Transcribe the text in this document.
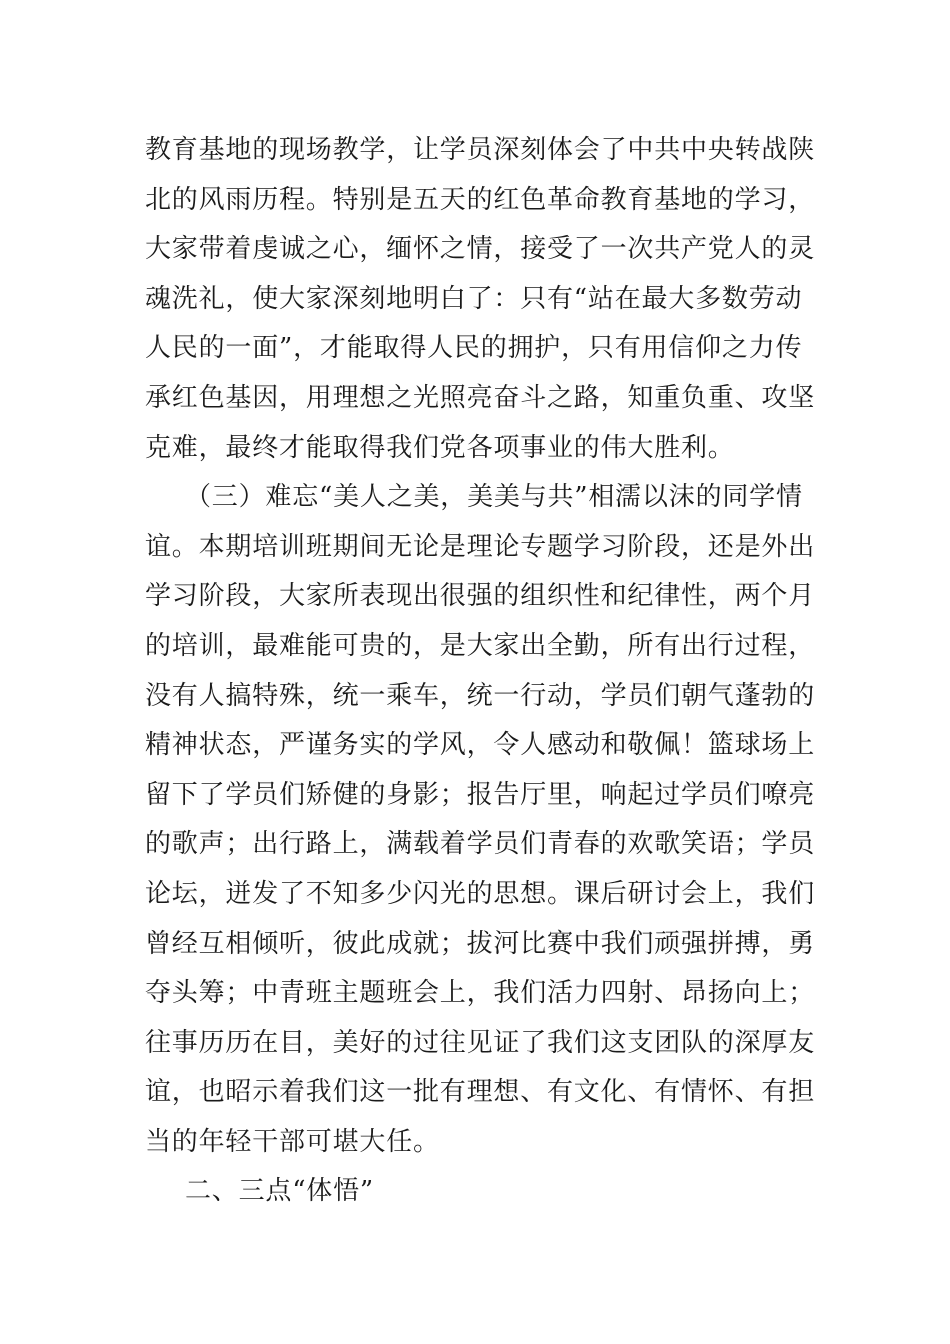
教育基地的现场教学，让学员深刻体会了中共中央转战陕
北的风雨历程。特别是五天的红色革命教育基地的学习，
大家带着虔诚之心，缅怀之情，接受了一次共产党人的灵
魂洗礼，使大家深刻地明白了：只有“站在最大多数劳动
人民的一面”，才能取得人民的拥护，只有用信仰之力传
承红色基因，用理想之光照亮奋斗之路，知重负重、攻坚
克难，最终才能取得我们党各项事业的伟大胜利。
（三）难忘“美人之美，美美与共”相濡以沫的同学情
谊。本期培训班期间无论是理论专题学习阶段，还是外出
学习阶段，大家所表现出很强的组织性和纪律性，两个月
的培训，最难能可贵的，是大家出全勤，所有出行过程，
没有人搞特殊，统一乘车，统一行动，学员们朝气蓬勃的
精神状态，严谨务实的学风，令人感动和敬佩！篮球场上
留下了学员们矫健的身影；报告厅里，响起过学员们嘹亮
的歌声；出行路上，满载着学员们青春的欢歌笑语；学员
论坛，迸发了不知多少闪光的思想。课后研讨会上，我们
曾经互相倾听，彼此成就；拔河比赛中我们顽强拼搏，勇
夺头筹；中青班主题班会上，我们活力四射、昂扬向上；
往事历历在目，美好的过往见证了我们这支团队的深厚友
谊，也昭示着我们这一批有理想、有文化、有情怀、有担
当的年轻干部可堪大任。
二、三点“体悟”
